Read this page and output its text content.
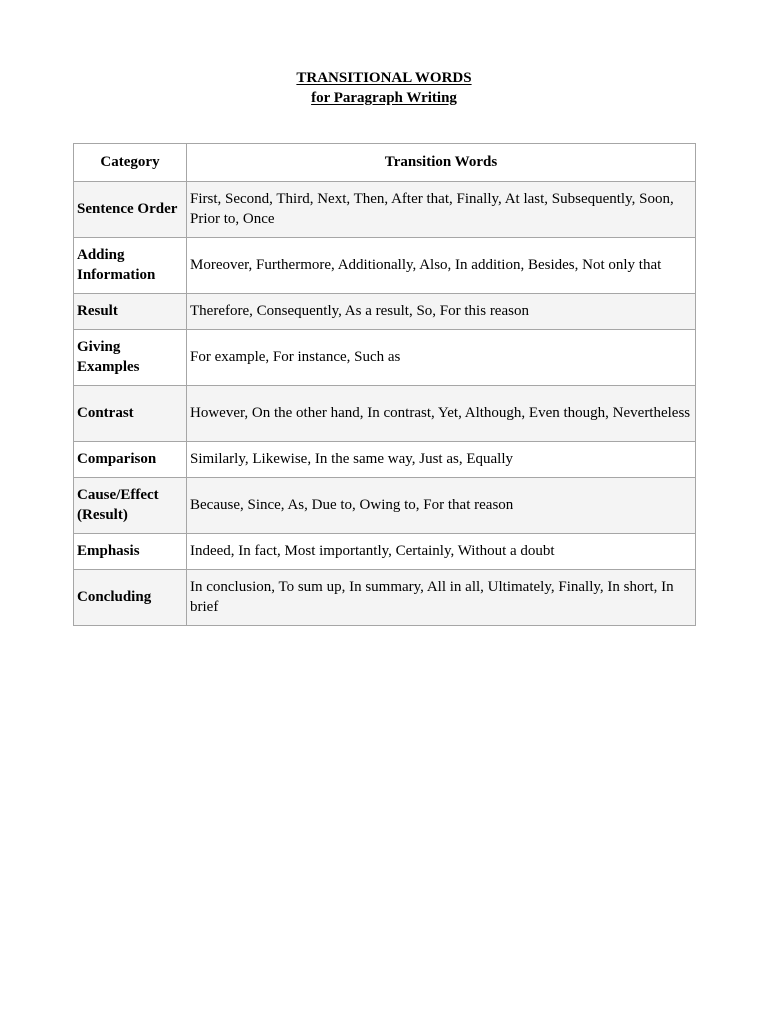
TRANSITIONAL WORDS
for Paragraph Writing
Category	Transition Words
Sentence Order	First, Second, Third, Next, Then, After that, Finally, At last, Subsequently, Soon, Prior to, Once
Adding Information	Moreover, Furthermore, Additionally, Also, In addition, Besides, Not only that
Result	Therefore, Consequently, As a result, So, For this reason
Giving Examples	For example, For instance, Such as
Contrast	However, On the other hand, In contrast, Yet, Although, Even though, Nevertheless
Comparison	Similarly, Likewise, In the same way, Just as, Equally
Cause/Effect (Result)	Because, Since, As, Due to, Owing to, For that reason
Emphasis	Indeed, In fact, Most importantly, Certainly, Without a doubt
Concluding	In conclusion, To sum up, In summary, All in all, Ultimately, Finally, In short, In brief
